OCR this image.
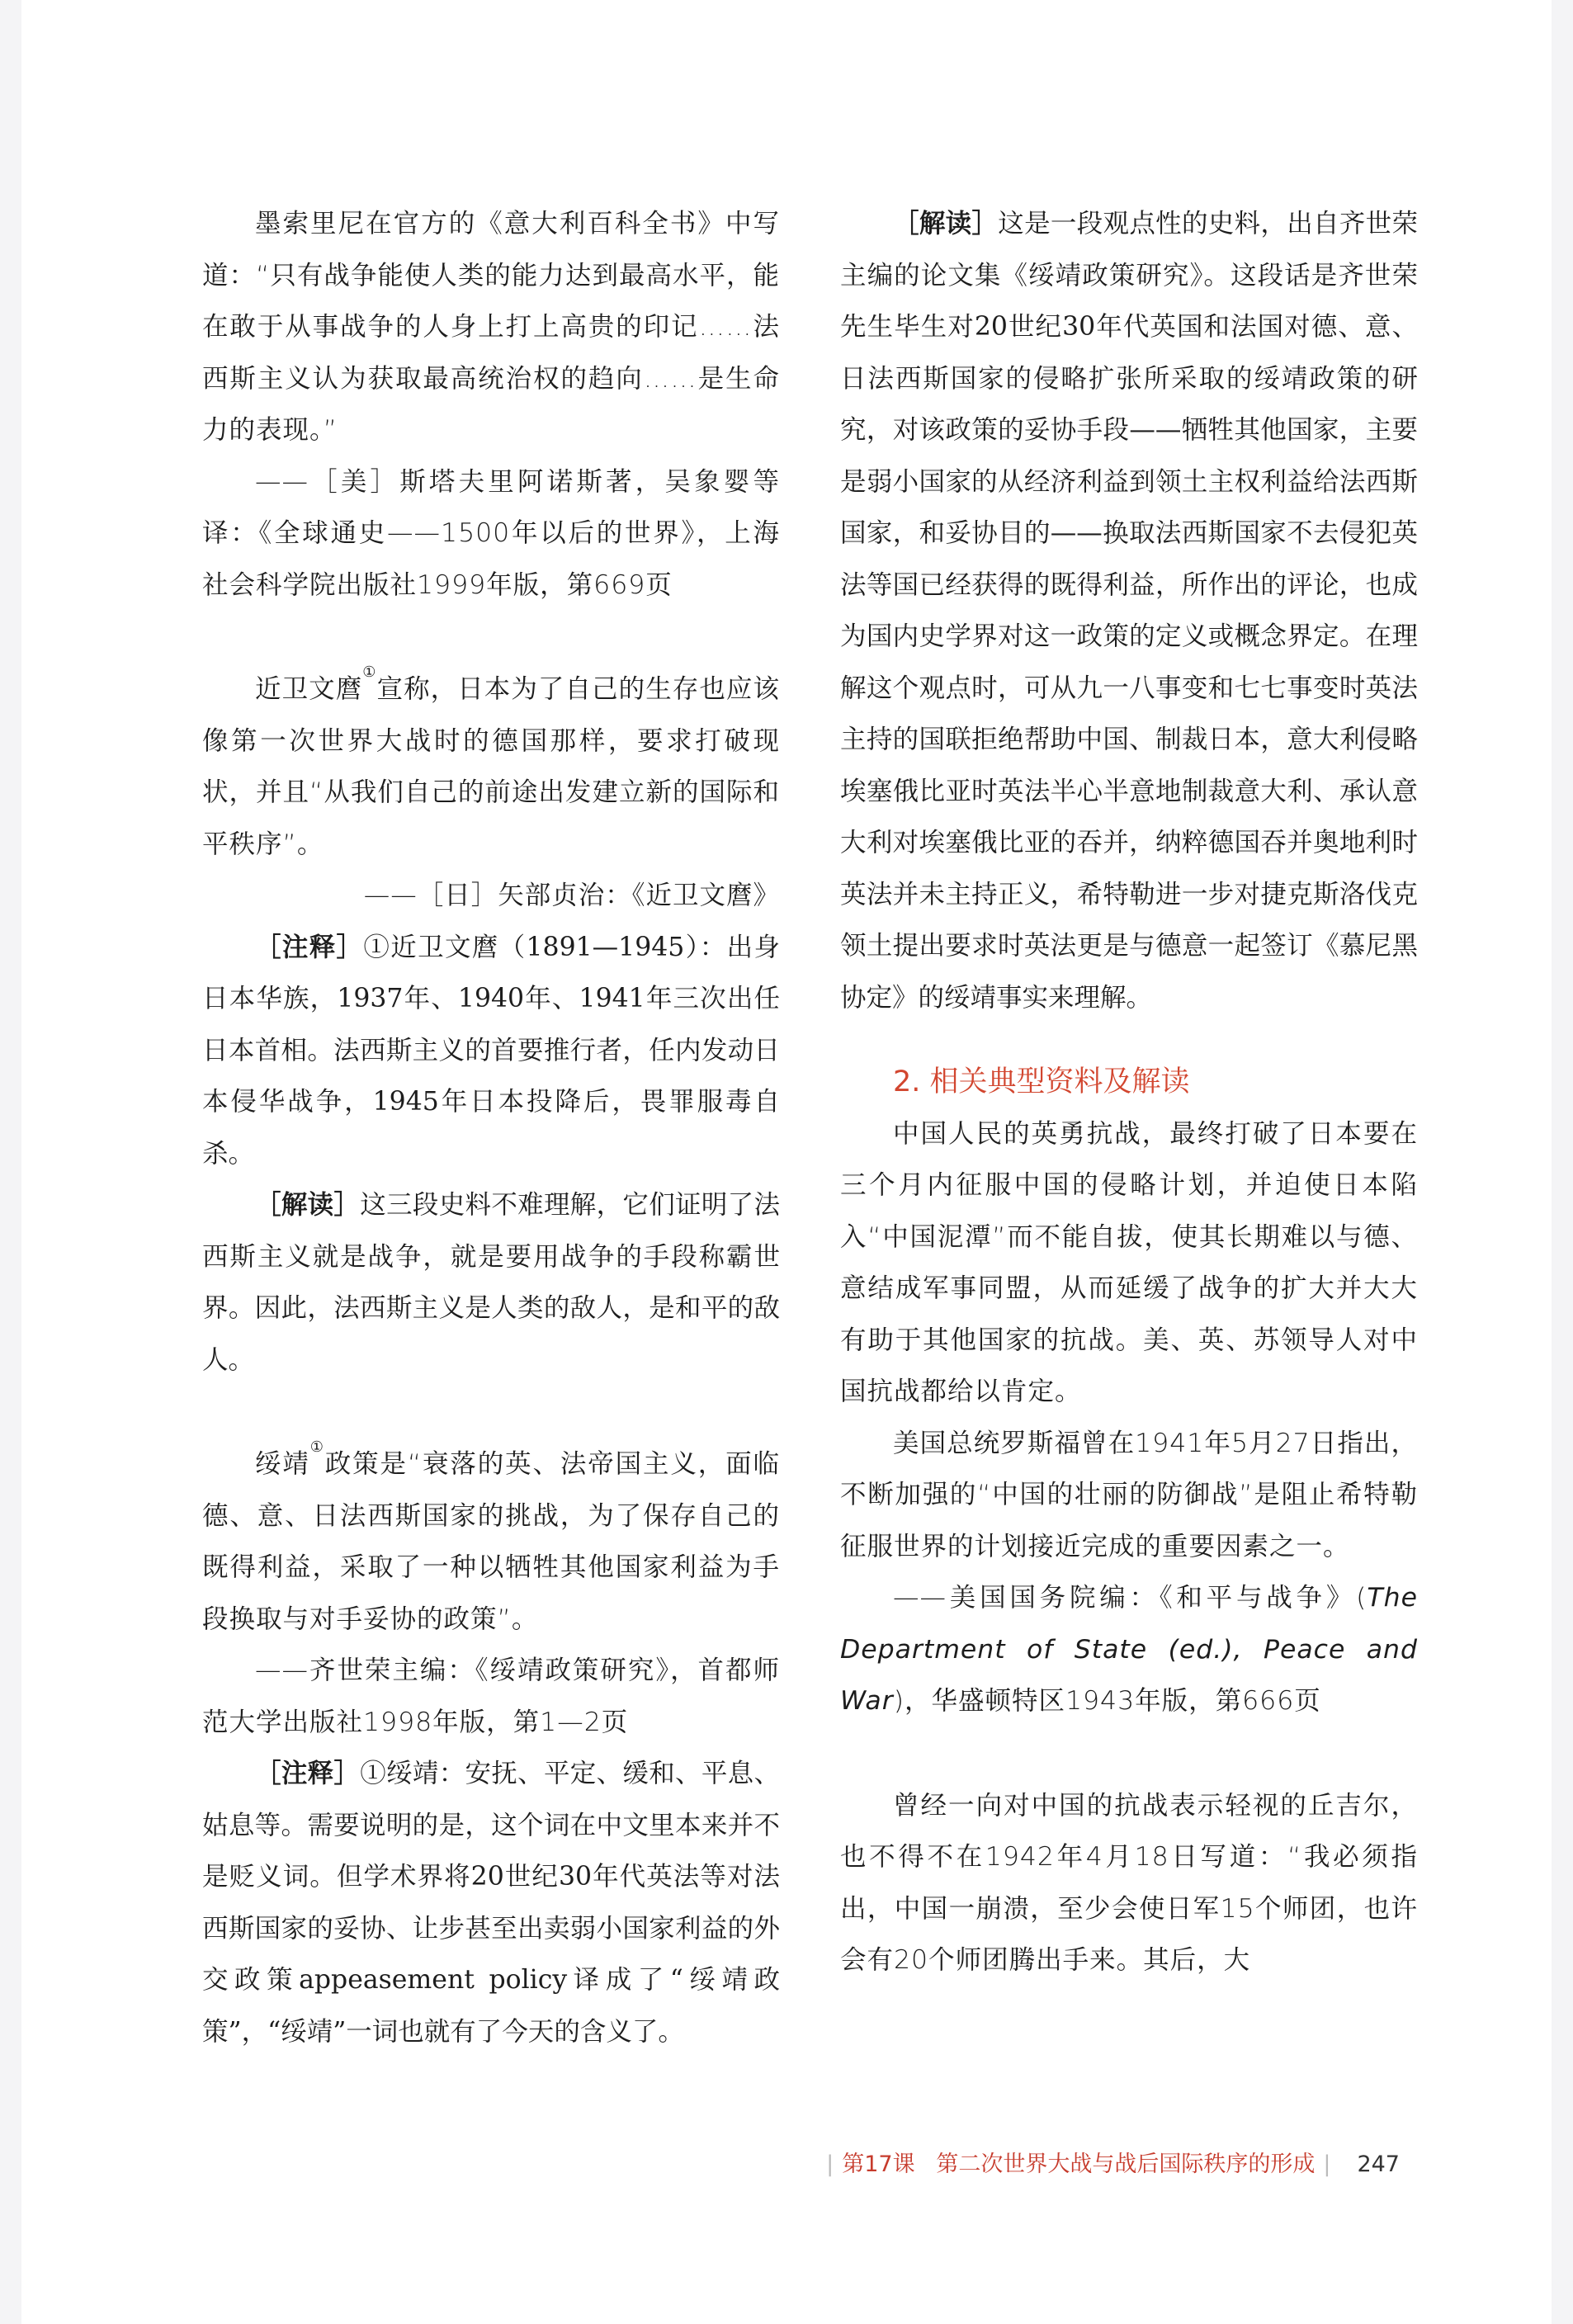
墨索里尼在官方的《意大利百科全书》中写道：“只有战争能使人类的能力达到最高水平，能在敢于从事战争的人身上打上高贵的印记……法西斯主义认为获取最高统治权的趋向……是生命力的表现。”

——［美］斯塔夫里阿诺斯著，吴象婴等译：《全球通史——1500年以后的世界》，上海社会科学院出版社1999年版，第669页

近卫文麿①宣称，日本为了自己的生存也应该像第一次世界大战时的德国那样，要求打破现状，并且“从我们自己的前途出发建立新的国际和平秩序”。

——［日］矢部贞治：《近卫文麿》

［注释］①近卫文麿（1891—1945）：出身日本华族，1937年、1940年、1941年三次出任日本首相。法西斯主义的首要推行者，任内发动日本侵华战争，1945年日本投降后，畏罪服毒自杀。

［解读］这三段史料不难理解，它们证明了法西斯主义就是战争，就是要用战争的手段称霸世界。因此，法西斯主义是人类的敌人，是和平的敌人。

绥靖①政策是“衰落的英、法帝国主义，面临德、意、日法西斯国家的挑战，为了保存自己的既得利益，采取了一种以牺牲其他国家利益为手段换取与对手妥协的政策”。

——齐世荣主编：《绥靖政策研究》，首都师范大学出版社1998年版，第1—2页

［注释］①绥靖：安抚、平定、缓和、平息、姑息等。需要说明的是，这个词在中文里本来并不是贬义词。但学术界将20世纪30年代英法等对法西斯国家的妥协、让步甚至出卖弱小国家利益的外交政策appeasement policy译成了“绥靖政策”，“绥靖”一词也就有了今天的含义了。

［解读］这是一段观点性的史料，出自齐世荣主编的论文集《绥靖政策研究》。这段话是齐世荣先生毕生对20世纪30年代英国和法国对德、意、日法西斯国家的侵略扩张所采取的绥靖政策的研究，对该政策的妥协手段——牺牲其他国家，主要是弱小国家的从经济利益到领土主权利益给法西斯国家，和妥协目的——换取法西斯国家不去侵犯英法等国已经获得的既得利益，所作出的评论，也成为国内史学界对这一政策的定义或概念界定。在理解这个观点时，可从九一八事变和七七事变时英法主持的国联拒绝帮助中国、制裁日本，意大利侵略埃塞俄比亚时英法半心半意地制裁意大利、承认意大利对埃塞俄比亚的吞并，纳粹德国吞并奥地利时英法并未主持正义，希特勒进一步对捷克斯洛伐克领土提出要求时英法更是与德意一起签订《慕尼黑协定》的绥靖事实来理解。

2. 相关典型资料及解读

中国人民的英勇抗战，最终打破了日本要在三个月内征服中国的侵略计划，并迫使日本陷入“中国泥潭”而不能自拔，使其长期难以与德、意结成军事同盟，从而延缓了战争的扩大并大大有助于其他国家的抗战。美、英、苏领导人对中国抗战都给以肯定。

美国总统罗斯福曾在1941年5月27日指出，不断加强的“中国的壮丽的防御战”是阻止希特勒征服世界的计划接近完成的重要因素之一。

——美国国务院编：《和平与战争》(The Department of State (ed.), Peace and War)，华盛顿特区1943年版，第666页

曾经一向对中国的抗战表示轻视的丘吉尔，也不得不在1942年4月18日写道：“我必须指出，中国一崩溃，至少会使日军15个师团，也许会有20个师团腾出手来。其后，大

| 第17课 第二次世界大战与战后国际秩序的形成 | 247
